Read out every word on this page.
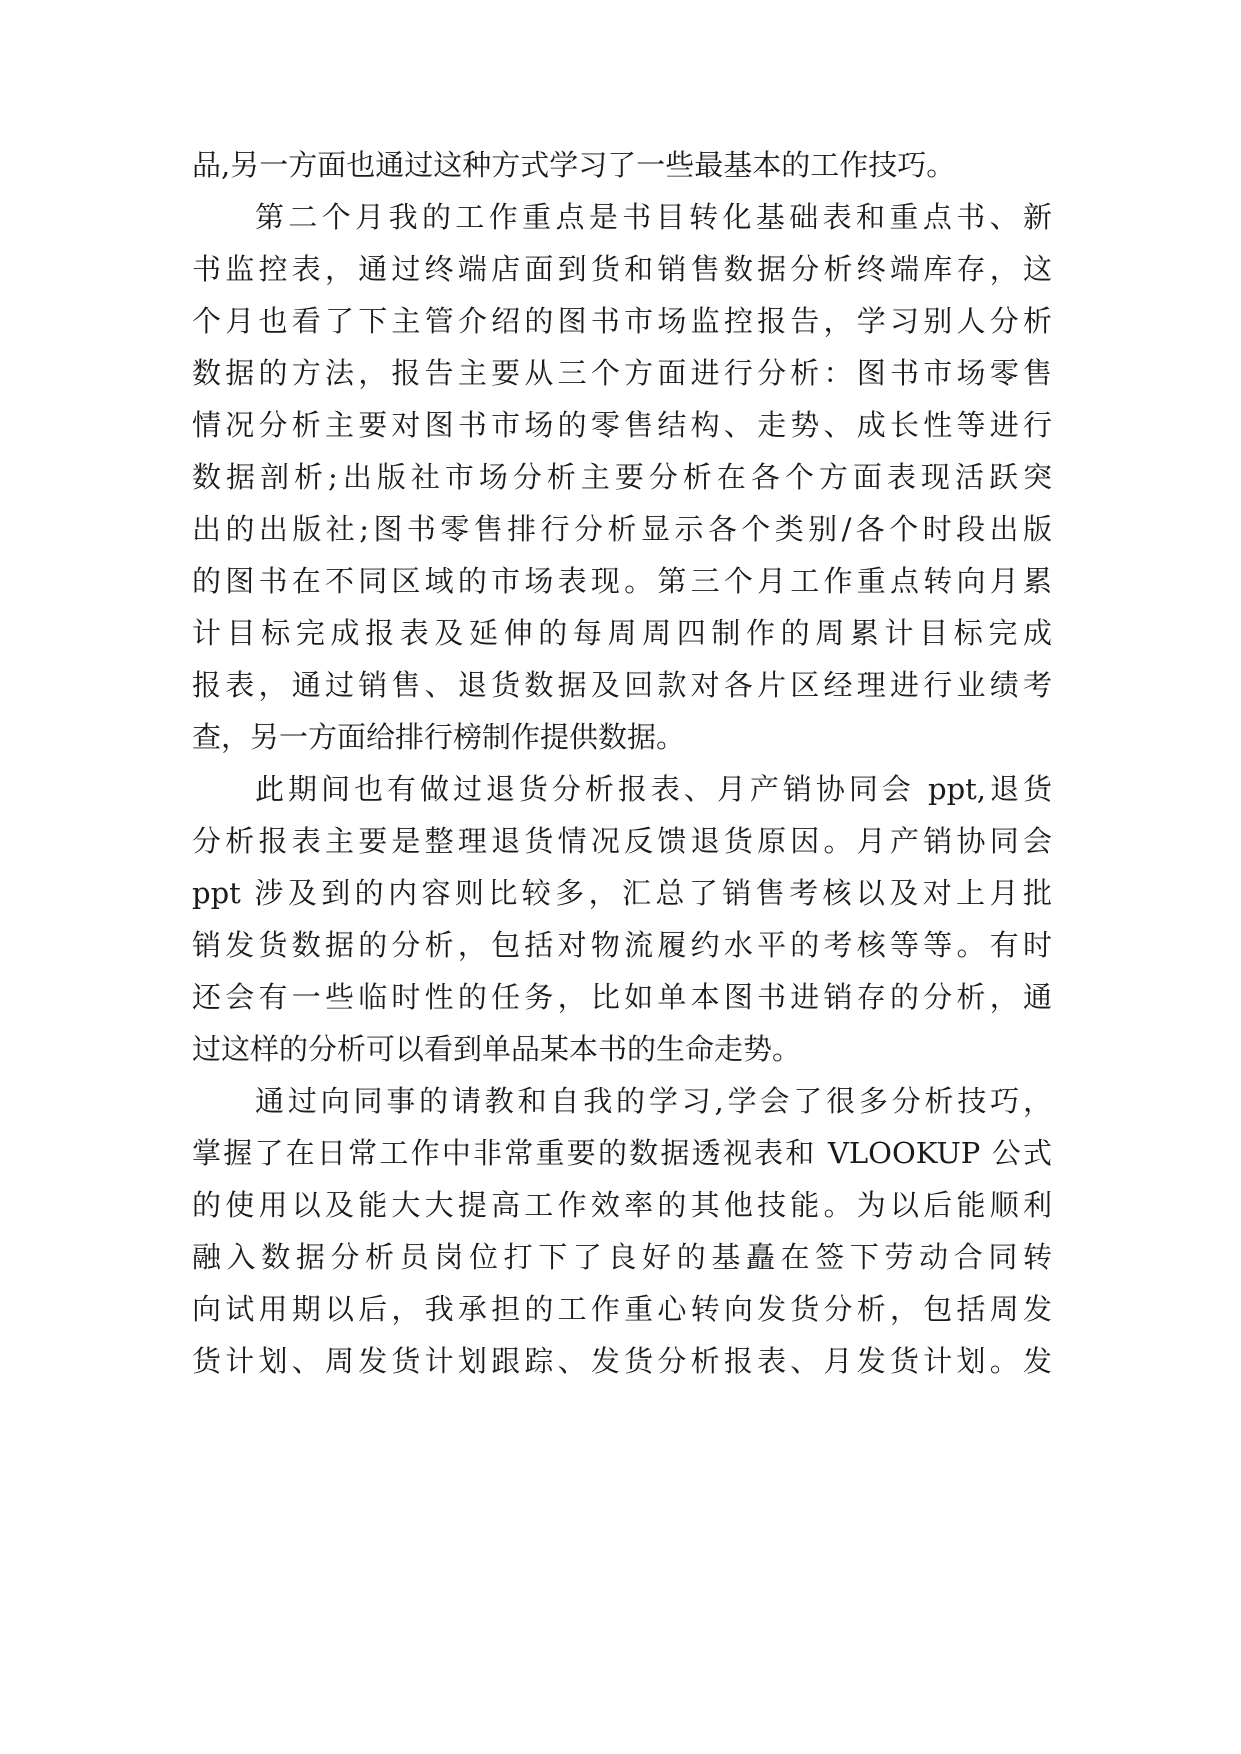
品,另一方面也通过这种方式学习了一些最基本的工作技巧。

第二个月我的工作重点是书目转化基础表和重点书、新

书监控表，通过终端店面到货和销售数据分析终端库存，这

个月也看了下主管介绍的图书市场监控报告，学习别人分析

数据的方法，报告主要从三个方面进行分析：图书市场零售

情况分析主要对图书市场的零售结构、走势、成长性等进行

数据剖析;出版社市场分析主要分析在各个方面表现活跃突

出的出版社;图书零售排行分析显示各个类别/各个时段出版

的图书在不同区域的市场表现。第三个月工作重点转向月累

计目标完成报表及延伸的每周周四制作的周累计目标完成

报表，通过销售、退货数据及回款对各片区经理进行业绩考

查，另一方面给排行榜制作提供数据。

此期间也有做过退货分析报表、月产销协同会 ppt,退货

分析报表主要是整理退货情况反馈退货原因。月产销协同会

ppt 涉及到的内容则比较多，汇总了销售考核以及对上月批

销发货数据的分析，包括对物流履约水平的考核等等。有时

还会有一些临时性的任务，比如单本图书进销存的分析，通

过这样的分析可以看到单品某本书的生命走势。

通过向同事的请教和自我的学习,学会了很多分析技巧，

掌握了在日常工作中非常重要的数据透视表和 VLOOKUP 公式

的使用以及能大大提高工作效率的其他技能。为以后能顺利

融入数据分析员岗位打下了良好的基矗在签下劳动合同转

向试用期以后，我承担的工作重心转向发货分析，包括周发

货计划、周发货计划跟踪、发货分析报表、月发货计划。发
